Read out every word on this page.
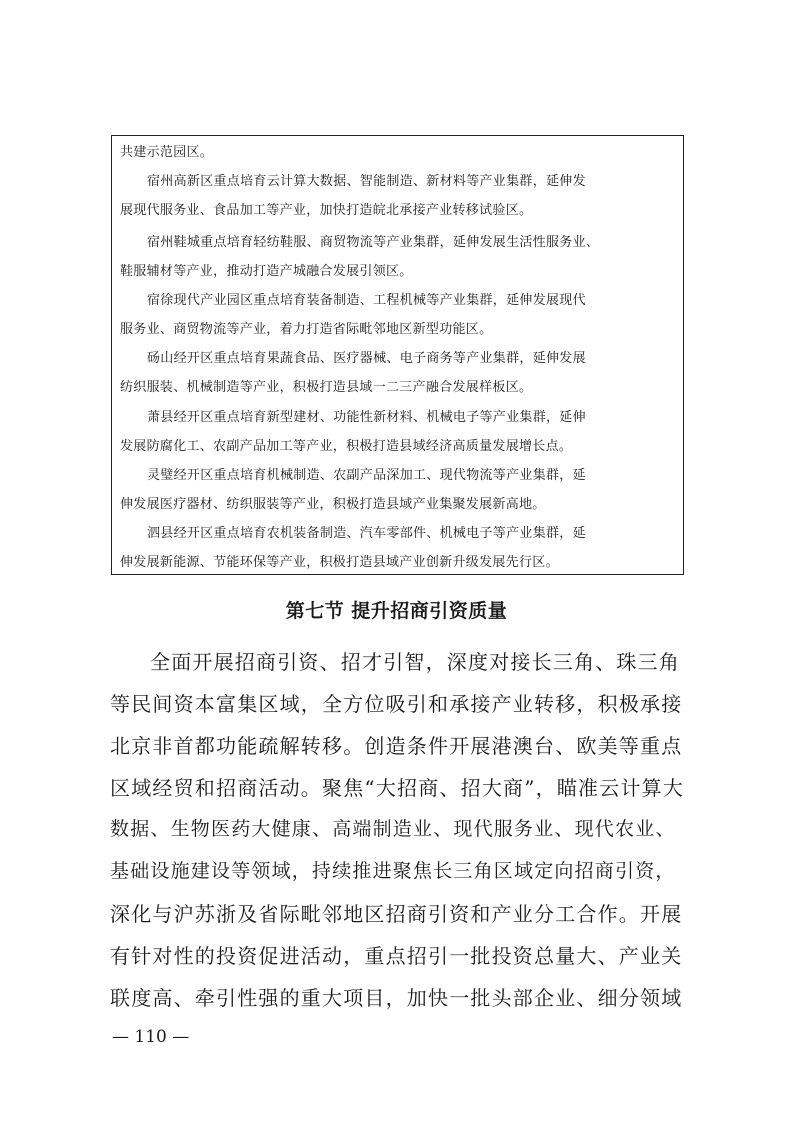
共建示范园区。
宿州高新区重点培育云计算大数据、智能制造、新材料等产业集群，延伸发
展现代服务业、食品加工等产业，加快打造皖北承接产业转移试验区。
宿州鞋城重点培育轻纺鞋服、商贸物流等产业集群，延伸发展生活性服务业、
鞋服辅材等产业，推动打造产城融合发展引领区。
宿徐现代产业园区重点培育装备制造、工程机械等产业集群，延伸发展现代
服务业、商贸物流等产业，着力打造省际毗邻地区新型功能区。
砀山经开区重点培育果蔬食品、医疗器械、电子商务等产业集群，延伸发展
纺织服装、机械制造等产业，积极打造县域一二三产融合发展样板区。
萧县经开区重点培育新型建材、功能性新材料、机械电子等产业集群，延伸
发展防腐化工、农副产品加工等产业，积极打造县域经济高质量发展增长点。
灵璧经开区重点培育机械制造、农副产品深加工、现代物流等产业集群，延
伸发展医疗器材、纺织服装等产业，积极打造县域产业集聚发展新高地。
泗县经开区重点培育农机装备制造、汽车零部件、机械电子等产业集群，延
伸发展新能源、节能环保等产业，积极打造县域产业创新升级发展先行区。
第七节 提升招商引资质量
全面开展招商引资、招才引智，深度对接长三角、珠三角
等民间资本富集区域，全方位吸引和承接产业转移，积极承接
北京非首都功能疏解转移。创造条件开展港澳台、欧美等重点
区域经贸和招商活动。聚焦“大招商、招大商”，瞄准云计算大
数据、生物医药大健康、高端制造业、现代服务业、现代农业、
基础设施建设等领域，持续推进聚焦长三角区域定向招商引资，
深化与沪苏浙及省际毗邻地区招商引资和产业分工合作。开展
有针对性的投资促进活动，重点招引一批投资总量大、产业关
联度高、牵引性强的重大项目，加快一批头部企业、细分领域
— 110 —
